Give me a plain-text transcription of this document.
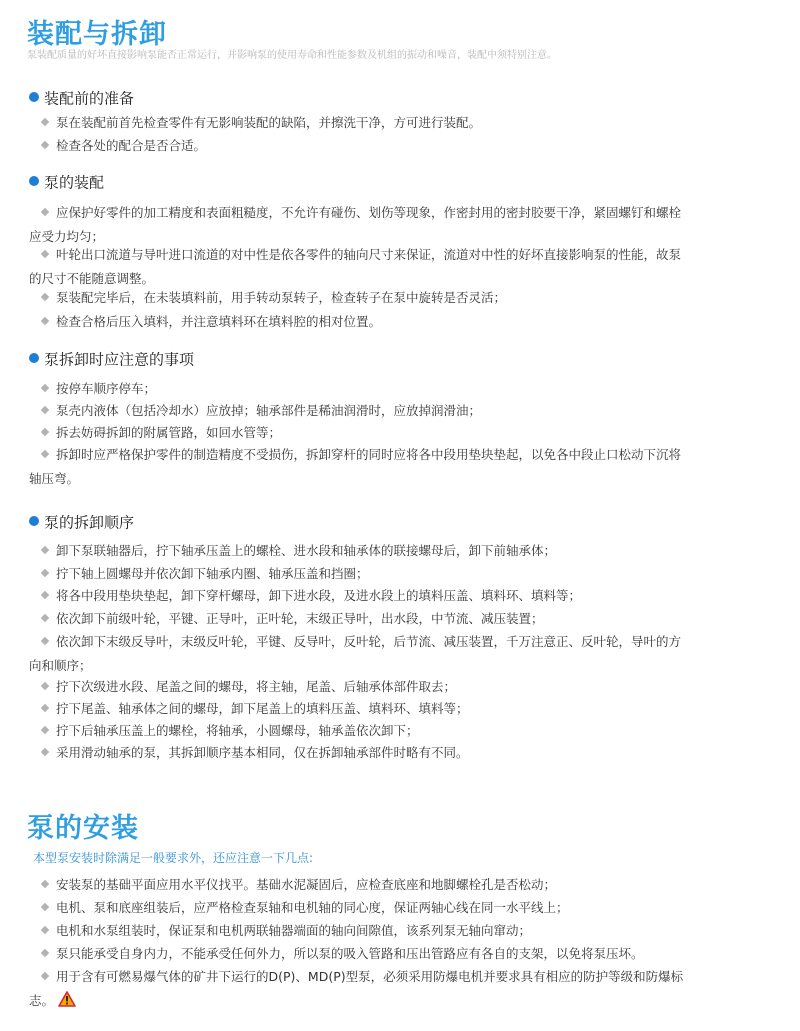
装配与拆卸
泵装配质量的好坏直接影响泵能否正常运行，并影响泵的使用寿命和性能参数及机组的振动和噪音，装配中须特别注意。
装配前的准备
泵在装配前首先检查零件有无影响装配的缺陷，并擦洗干净，方可进行装配。
检查各处的配合是否合适。
泵的装配
应保护好零件的加工精度和表面粗糙度，不允许有碰伤、划伤等现象，作密封用的密封胶要干净，紧固螺钉和螺栓应受力均匀；
叶轮出口流道与导叶进口流道的对中性是依各零件的轴向尺寸来保证，流道对中性的好坏直接影响泵的性能，故泵的尺寸不能随意调整。
泵装配完毕后，在未装填料前，用手转动泵转子，检查转子在泵中旋转是否灵活；
检查合格后压入填料，并注意填料环在填料腔的相对位置。
泵拆卸时应注意的事项
按停车顺序停车；
泵壳内液体（包括冷却水）应放掉；轴承部件是稀油润滑时，应放掉润滑油；
拆去妨碍拆卸的附属管路，如回水管等；
拆卸时应严格保护零件的制造精度不受损伤，拆卸穿杆的同时应将各中段用垫块垫起，以免各中段止口松动下沉将轴压弯。
泵的拆卸顺序
卸下泵联轴器后，拧下轴承压盖上的螺栓、进水段和轴承体的联接螺母后，卸下前轴承体；
拧下轴上圆螺母并依次卸下轴承内圈、轴承压盖和挡圈；
将各中段用垫块垫起，卸下穿杆螺母，卸下进水段，及进水段上的填料压盖、填料环、填料等；
依次卸下前级叶轮，平键、正导叶，正叶轮，末级正导叶，出水段，中节流、减压装置；
依次卸下末级反导叶，末级反叶轮，平键、反导叶，反叶轮，后节流、减压装置，千万注意正、反叶轮，导叶的方向和顺序；
拧下次级进水段、尾盖之间的螺母，将主轴，尾盖、后轴承体部件取去；
拧下尾盖、轴承体之间的螺母，卸下尾盖上的填料压盖、填料环、填料等；
拧下后轴承压盖上的螺栓，将轴承，小圆螺母，轴承盖依次卸下；
采用滑动轴承的泵，其拆卸顺序基本相同，仅在拆卸轴承部件时略有不同。
泵的安装
本型泵安装时除满足一般要求外，还应注意一下几点:
安装泵的基础平面应用水平仪找平。基础水泥凝固后，应检查底座和地脚螺栓孔是否松动；
电机、泵和底座组装后，应严格检查泵轴和电机轴的同心度，保证两轴心线在同一水平线上；
电机和水泵组装时，保证泵和电机两联轴器端面的轴向间隙值，该系列泵无轴向窜动；
泵只能承受自身内力，不能承受任何外力，所以泵的吸入管路和压出管路应有各自的支架，以免将泵压坏。
用于含有可燃易爆气体的矿井下运行的D(P)、MD(P)型泵，必须采用防爆电机并要求具有相应的防护等级和防爆标志。
